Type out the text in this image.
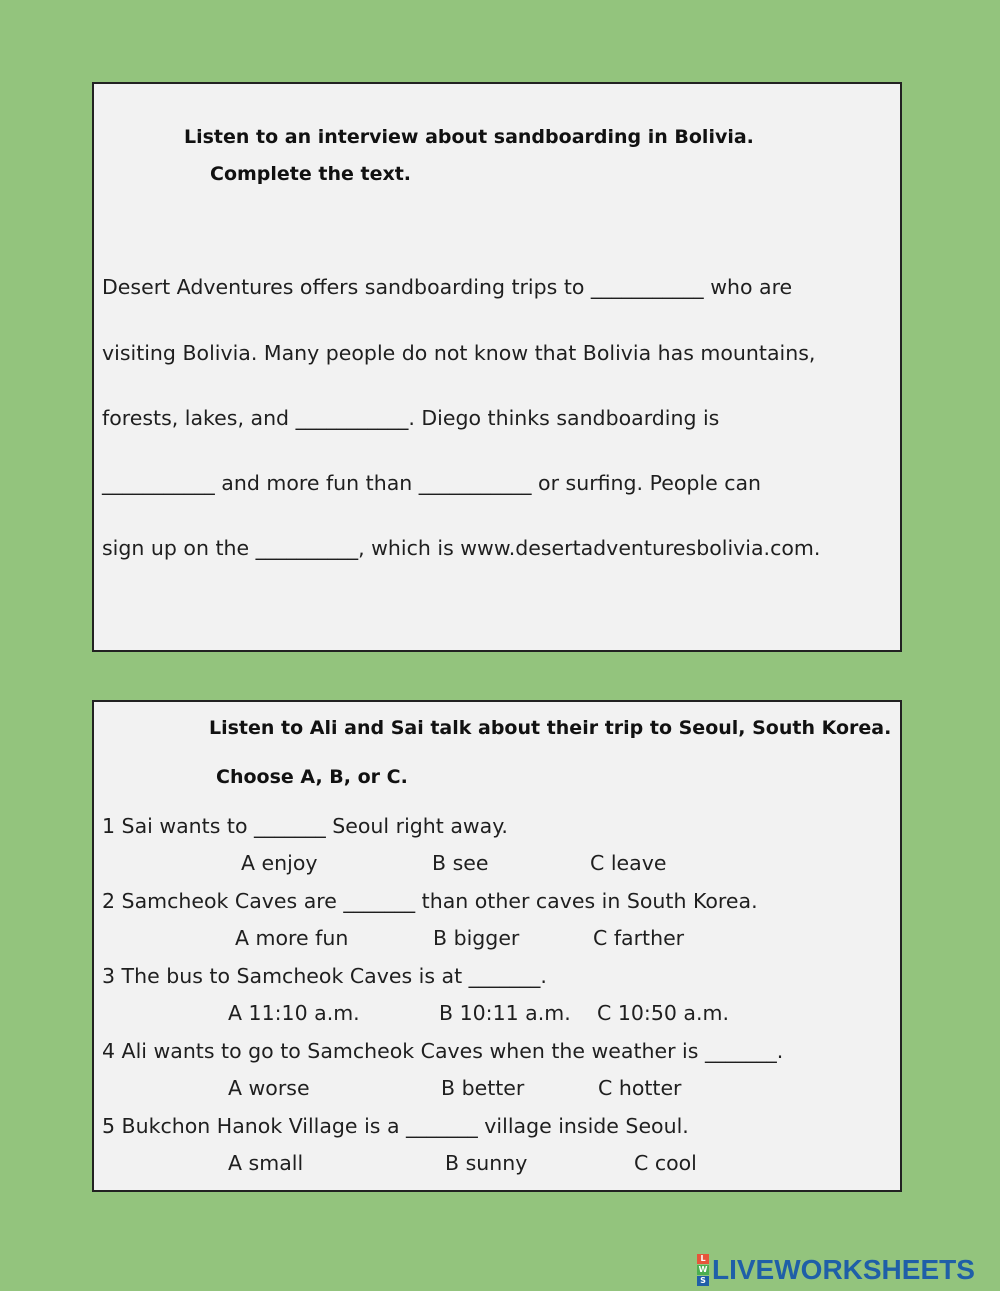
Listen to an interview about sandboarding in Bolivia.
Complete the text.
Desert Adventures offers sandboarding trips to ___________ who are
visiting Bolivia. Many people do not know that Bolivia has mountains,
forests, lakes, and ___________. Diego thinks sandboarding is
___________ and more fun than ___________ or surfing. People can
sign up on the __________, which is www.desertadventuresbolivia.com.
Listen to Ali and Sai talk about their trip to Seoul, South Korea.
Choose A, B, or C.
1 Sai wants to _______ Seoul right away.
A enjoy	B see	C leave
2 Samcheok Caves are _______ than other caves in South Korea.
A more fun	B bigger	C farther
3 The bus to Samcheok Caves is at _______.
A 11:10 a.m.	B 10:11 a.m. C 10:50 a.m.
4 Ali wants to go to Samcheok Caves when the weather is _______.
A worse	B better	C hotter
5 Bukchon Hanok Village is a _______ village inside Seoul.
A small	B sunny	C cool
L
W
S LIVEWORKSHEETS
